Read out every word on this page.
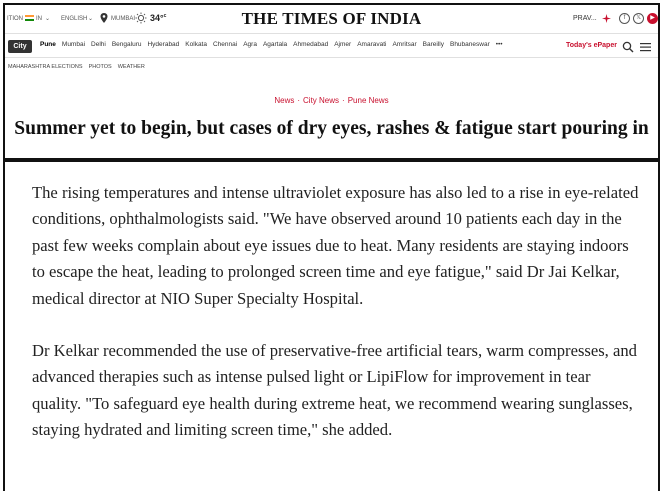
ITION IN ⌄ ENGLISH ⌄	MUMBAI 34°$^c$	THE TIMES OF INDIA	PRAV...	f	𝕏	▶
City	Pune Mumbai Delhi Bengaluru Hyderabad Kolkata Chennai Agra Agartala Ahmedabad Ajmer Amaravati Amritsar Bareilly Bhubaneswar •••	Today's ePaper
MAHARASHTRA ELECTIONS PHOTOS WEATHER
News · City News · Pune News
Summer yet to begin, but cases of dry eyes, rashes & fatigue start pouring in

The rising temperatures and intense ultraviolet exposure has also led to a rise in eye-related conditions, ophthalmologists said. "We have observed around 10 patients each day in the past few weeks complain about eye issues due to heat. Many residents are staying indoors to escape the heat, leading to prolonged screen time and eye fatigue," said Dr Jai Kelkar, medical director at NIO Super Specialty Hospital.

Dr Kelkar recommended the use of preservative-free artificial tears, warm compresses, and advanced therapies such as intense pulsed light or LipiFlow for improvement in tear quality. "To safeguard eye health during extreme heat, we recommend wearing sunglasses, staying hydrated and limiting screen time," she added.
